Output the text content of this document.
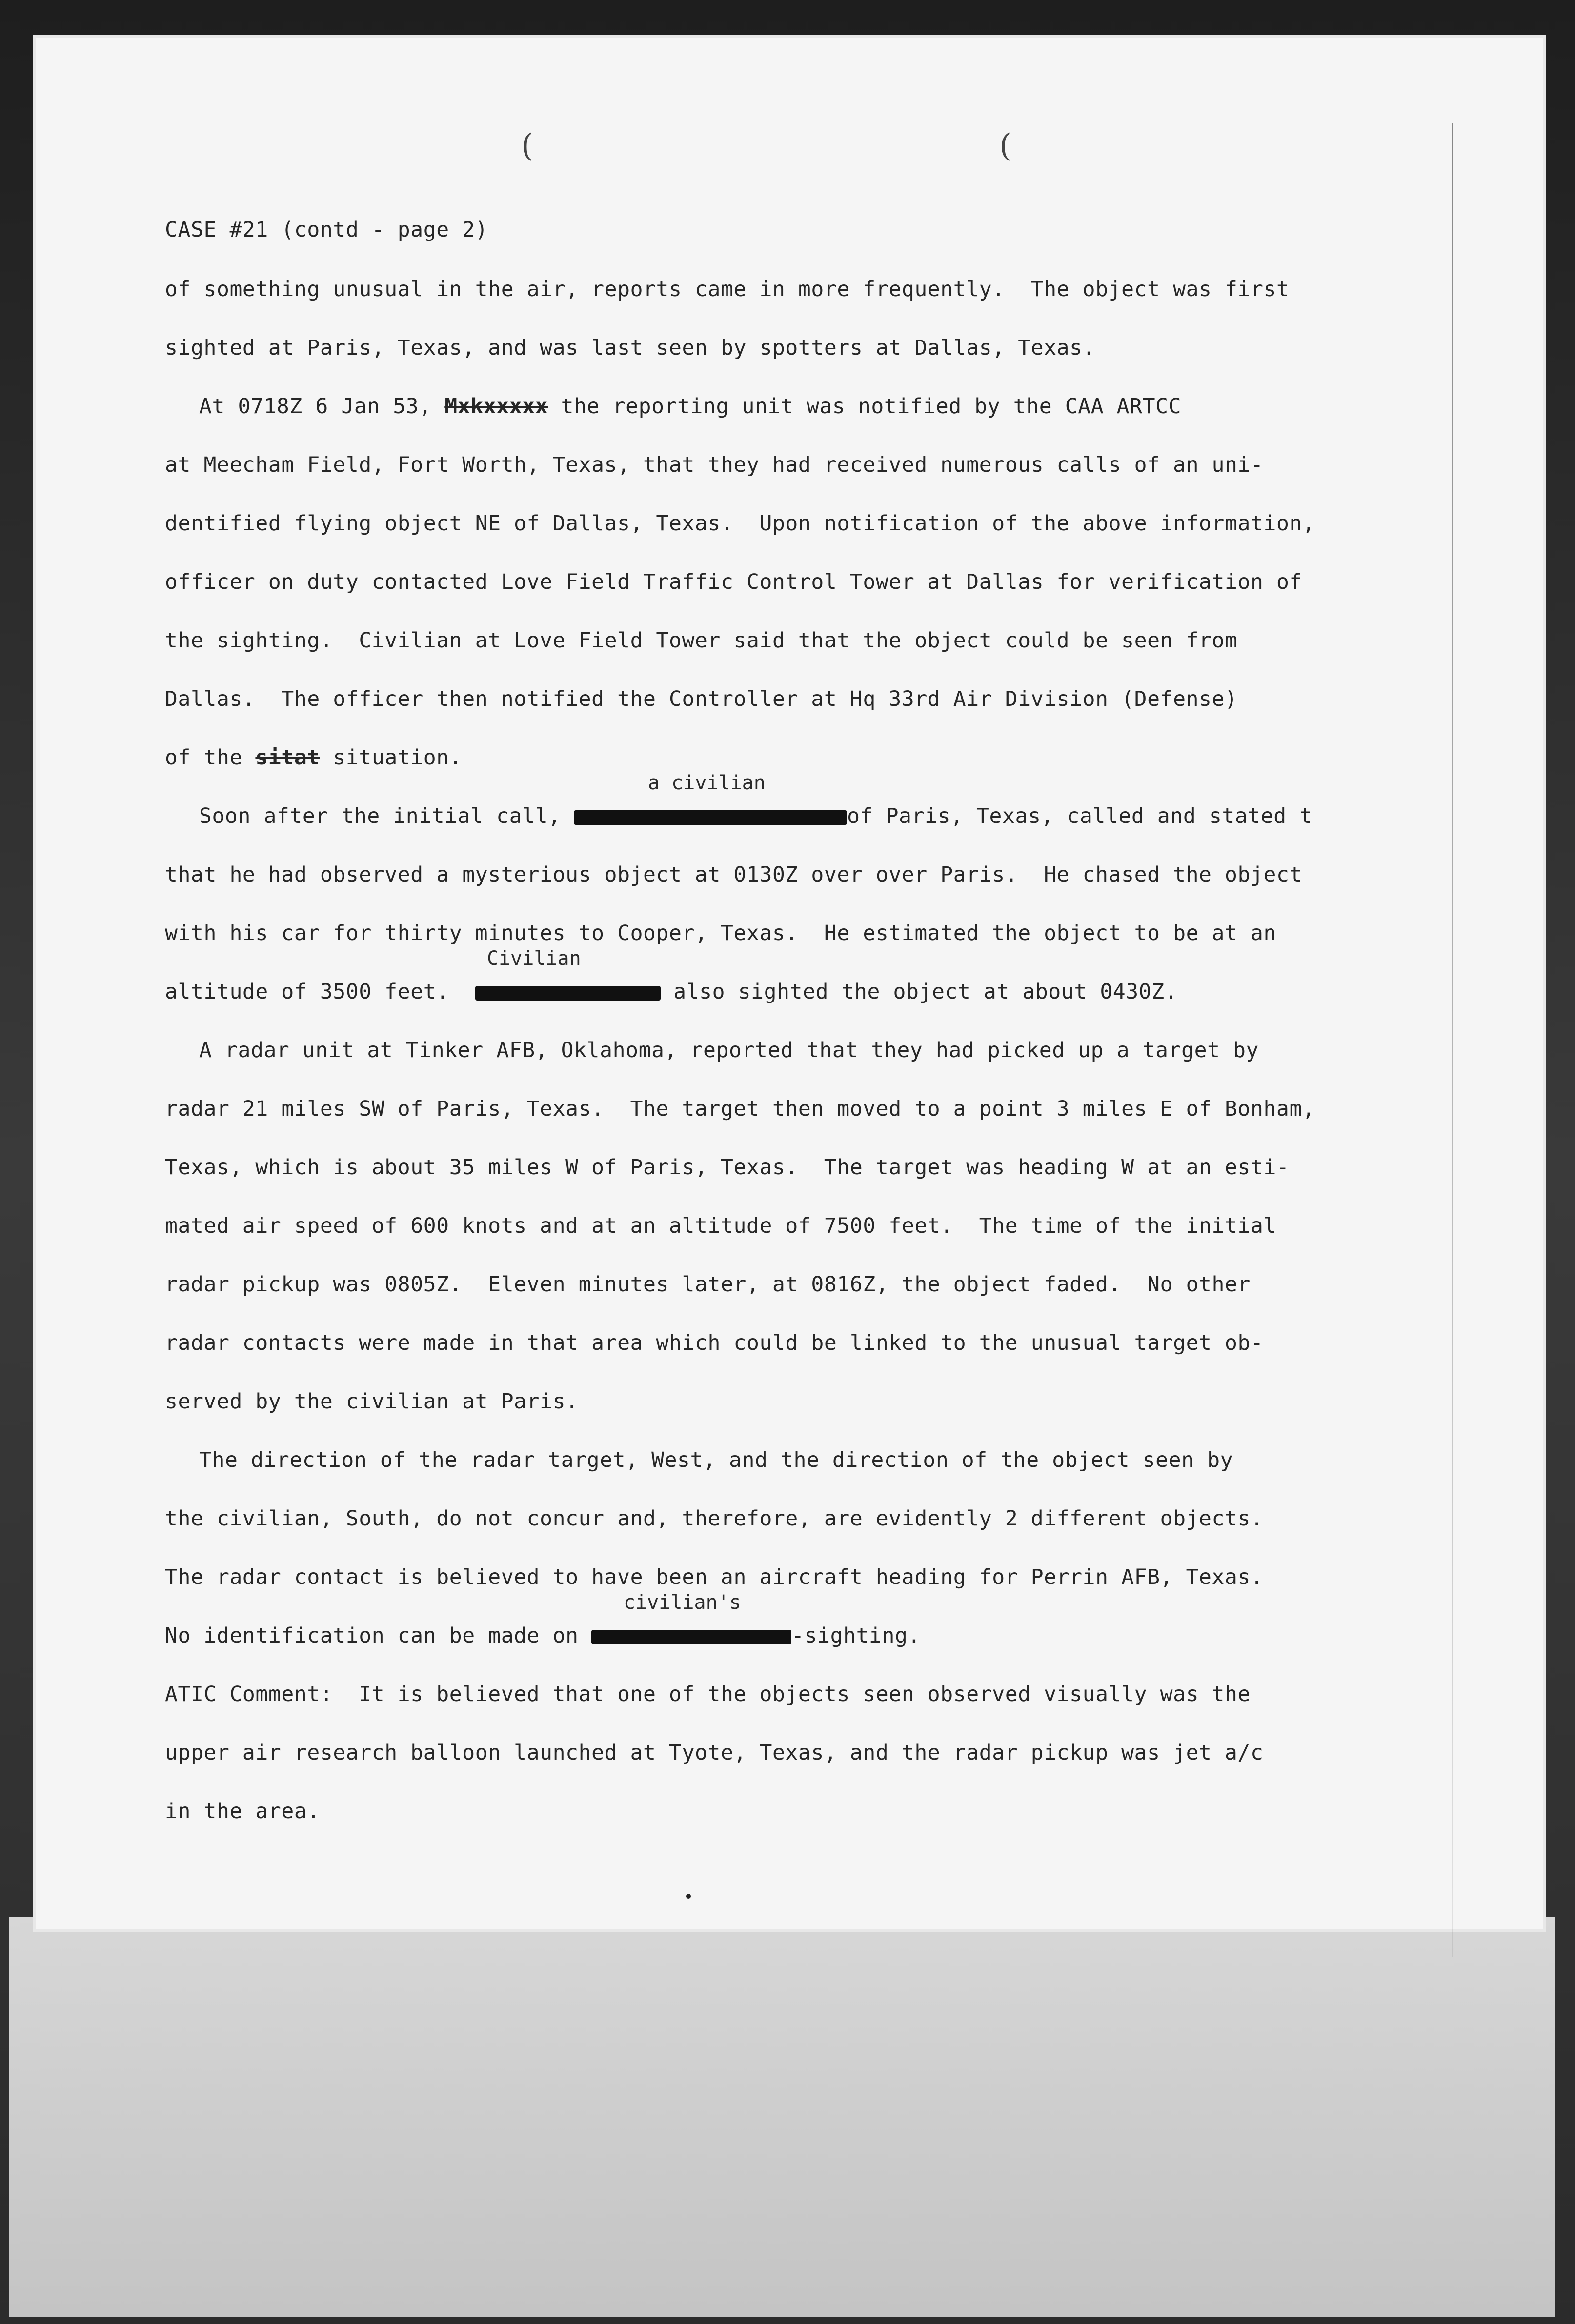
(	(
CASE #21 (contd - page 2)
of something unusual in the air, reports came in more frequently.  The object was first
sighted at Paris, Texas, and was last seen by spotters at Dallas, Texas.
At 0718Z 6 Jan 53, Mxkxxxxx the reporting unit was notified by the CAA ARTCC
at Meecham Field, Fort Worth, Texas, that they had received numerous calls of an uni-
dentified flying object NE of Dallas, Texas.  Upon notification of the above information,
officer on duty contacted Love Field Traffic Control Tower at Dallas for verification of
the sighting.  Civilian at Love Field Tower said that the object could be seen from
Dallas.  The officer then notified the Controller at Hq 33rd Air Division (Defense)
of the sitat situation.
a civilian
Soon after the initial call,	of Paris, Texas, called and stated t
that he had observed a mysterious object at 0130Z over over Paris.  He chased the object
with his car for thirty minutes to Cooper, Texas.  He estimated the object to be at an
Civilian
altitude of 3500 feet.	also sighted the object at about 0430Z.
A radar unit at Tinker AFB, Oklahoma, reported that they had picked up a target by
radar 21 miles SW of Paris, Texas.  The target then moved to a point 3 miles E of Bonham,
Texas, which is about 35 miles W of Paris, Texas.  The target was heading W at an esti-
mated air speed of 600 knots and at an altitude of 7500 feet.  The time of the initial
radar pickup was 0805Z.  Eleven minutes later, at 0816Z, the object faded.  No other
radar contacts were made in that area which could be linked to the unusual target ob-
served by the civilian at Paris.
The direction of the radar target, West, and the direction of the object seen by
the civilian, South, do not concur and, therefore, are evidently 2 different objects.
The radar contact is believed to have been an aircraft heading for Perrin AFB, Texas.
civilian's
No identification can be made on	-sighting.
ATIC Comment:  It is believed that one of the objects seen observed visually was the
upper air research balloon launched at Tyote, Texas, and the radar pickup was jet a/c
in the area.
